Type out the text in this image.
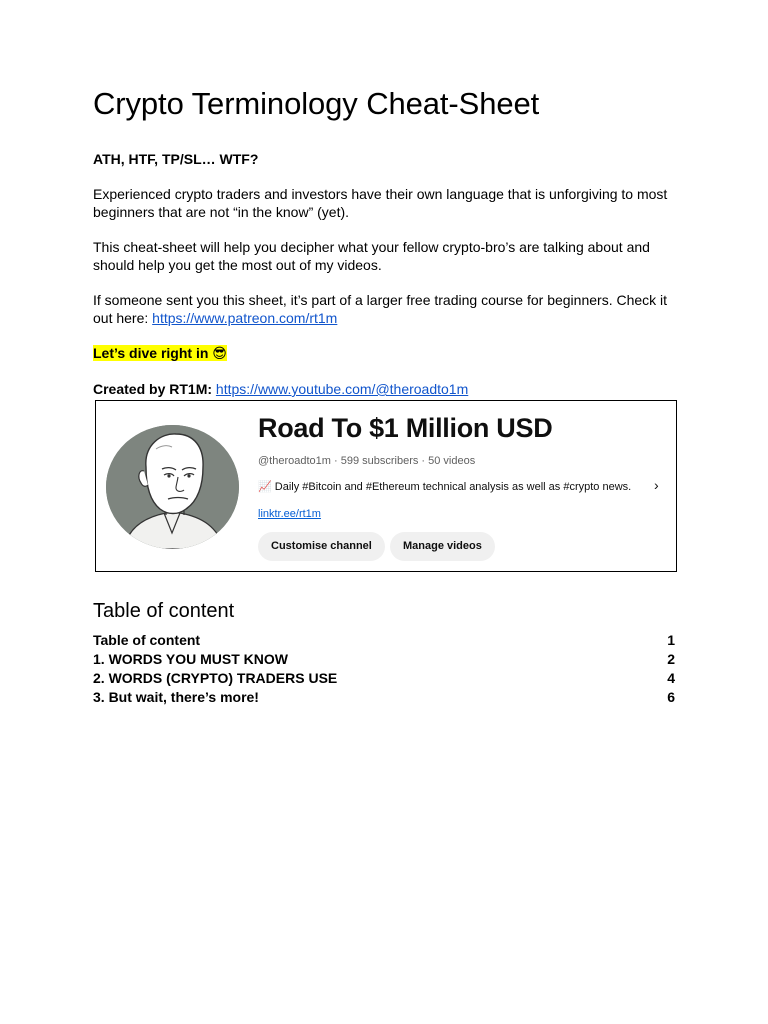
Crypto Terminology Cheat-Sheet

ATH, HTF, TP/SL… WTF?

Experienced crypto traders and investors have their own language that is unforgiving to most beginners that are not “in the know” (yet).

This cheat-sheet will help you decipher what your fellow crypto-bro’s are talking about and should help you get the most out of my videos.

If someone sent you this sheet, it’s part of a larger free trading course for beginners. Check it out here: https://www.patreon.com/rt1m

Let’s dive right in 😎

Created by RT1M: https://www.youtube.com/@theroadto1m

Road To $1 Million USD
@theroadto1m · 599 subscribers · 50 videos
📈 Daily #Bitcoin and #Ethereum technical analysis as well as #crypto news. ›
linktr.ee/rt1m
Customise channel	Manage videos
Table of content
Table of content	1
1. WORDS YOU MUST KNOW	2
2. WORDS (CRYPTO) TRADERS USE	4
3. But wait, there’s more!	6
